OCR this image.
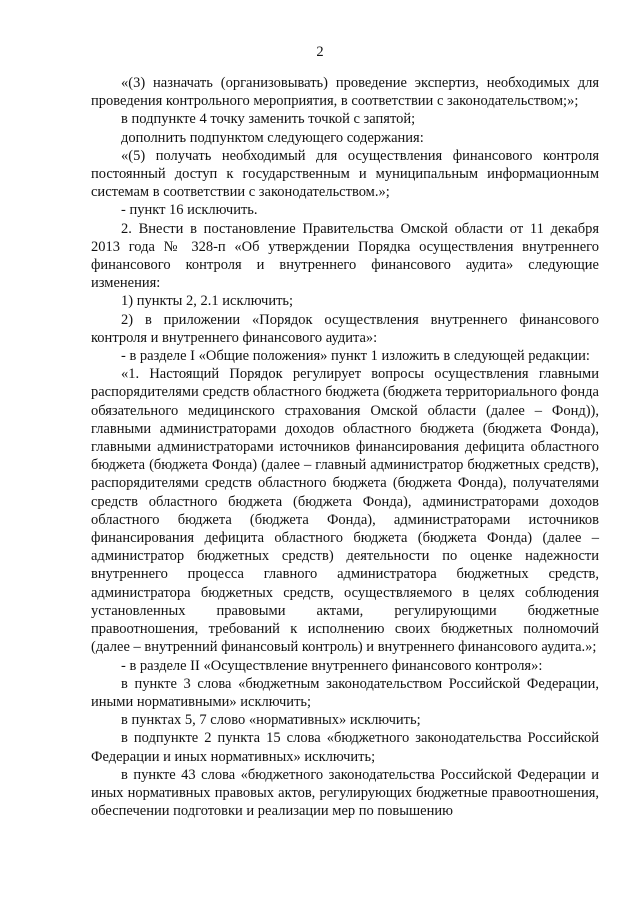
2

«(3) назначать (организовывать) проведение экспертиз, необходимых для проведения контрольного мероприятия, в соответствии с законодательством;»;

в подпункте 4 точку заменить точкой с запятой;

дополнить подпунктом следующего содержания:

«(5) получать необходимый для осуществления финансового контроля постоянный доступ к государственным и муниципальным информационным системам в соответствии с законодательством.»;

- пункт 16 исключить.

2. Внести в постановление Правительства Омской области от 11 декабря 2013 года № 328-п «Об утверждении Порядка осуществления внутреннего финансового контроля и внутреннего финансового аудита» следующие изменения:

1) пункты 2, 2.1 исключить;

2) в приложении «Порядок осуществления внутреннего финансового контроля и внутреннего финансового аудита»:

- в разделе I «Общие положения» пункт 1 изложить в следующей редакции:

«1. Настоящий Порядок регулирует вопросы осуществления главными распорядителями средств областного бюджета (бюджета территориального фонда обязательного медицинского страхования Омской области (далее – Фонд)), главными администраторами доходов областного бюджета (бюджета Фонда), главными администраторами источников финансирования дефицита областного бюджета (бюджета Фонда) (далее – главный администратор бюджетных средств), распорядителями средств областного бюджета (бюджета Фонда), получателями средств областного бюджета (бюджета Фонда), администраторами доходов областного бюджета (бюджета Фонда), администраторами источников финансирования дефицита областного бюджета (бюджета Фонда) (далее – администратор бюджетных средств) деятельности по оценке надежности внутреннего процесса главного администратора бюджетных средств, администратора бюджетных средств, осуществляемого в целях соблюдения установленных правовыми актами, регулирующими бюджетные правоотношения, требований к исполнению своих бюджетных полномочий (далее – внутренний финансовый контроль) и внутреннего финансового аудита.»;

- в разделе II «Осуществление внутреннего финансового контроля»:

в пункте 3 слова «бюджетным законодательством Российской Федерации, иными нормативными» исключить;

в пунктах 5, 7 слово «нормативных» исключить;

в подпункте 2 пункта 15 слова «бюджетного законодательства Российской Федерации и иных нормативных» исключить;

в пункте 43 слова «бюджетного законодательства Российской Федерации и иных нормативных правовых актов, регулирующих бюджетные правоотношения, обеспечении подготовки и реализации мер по повышению
